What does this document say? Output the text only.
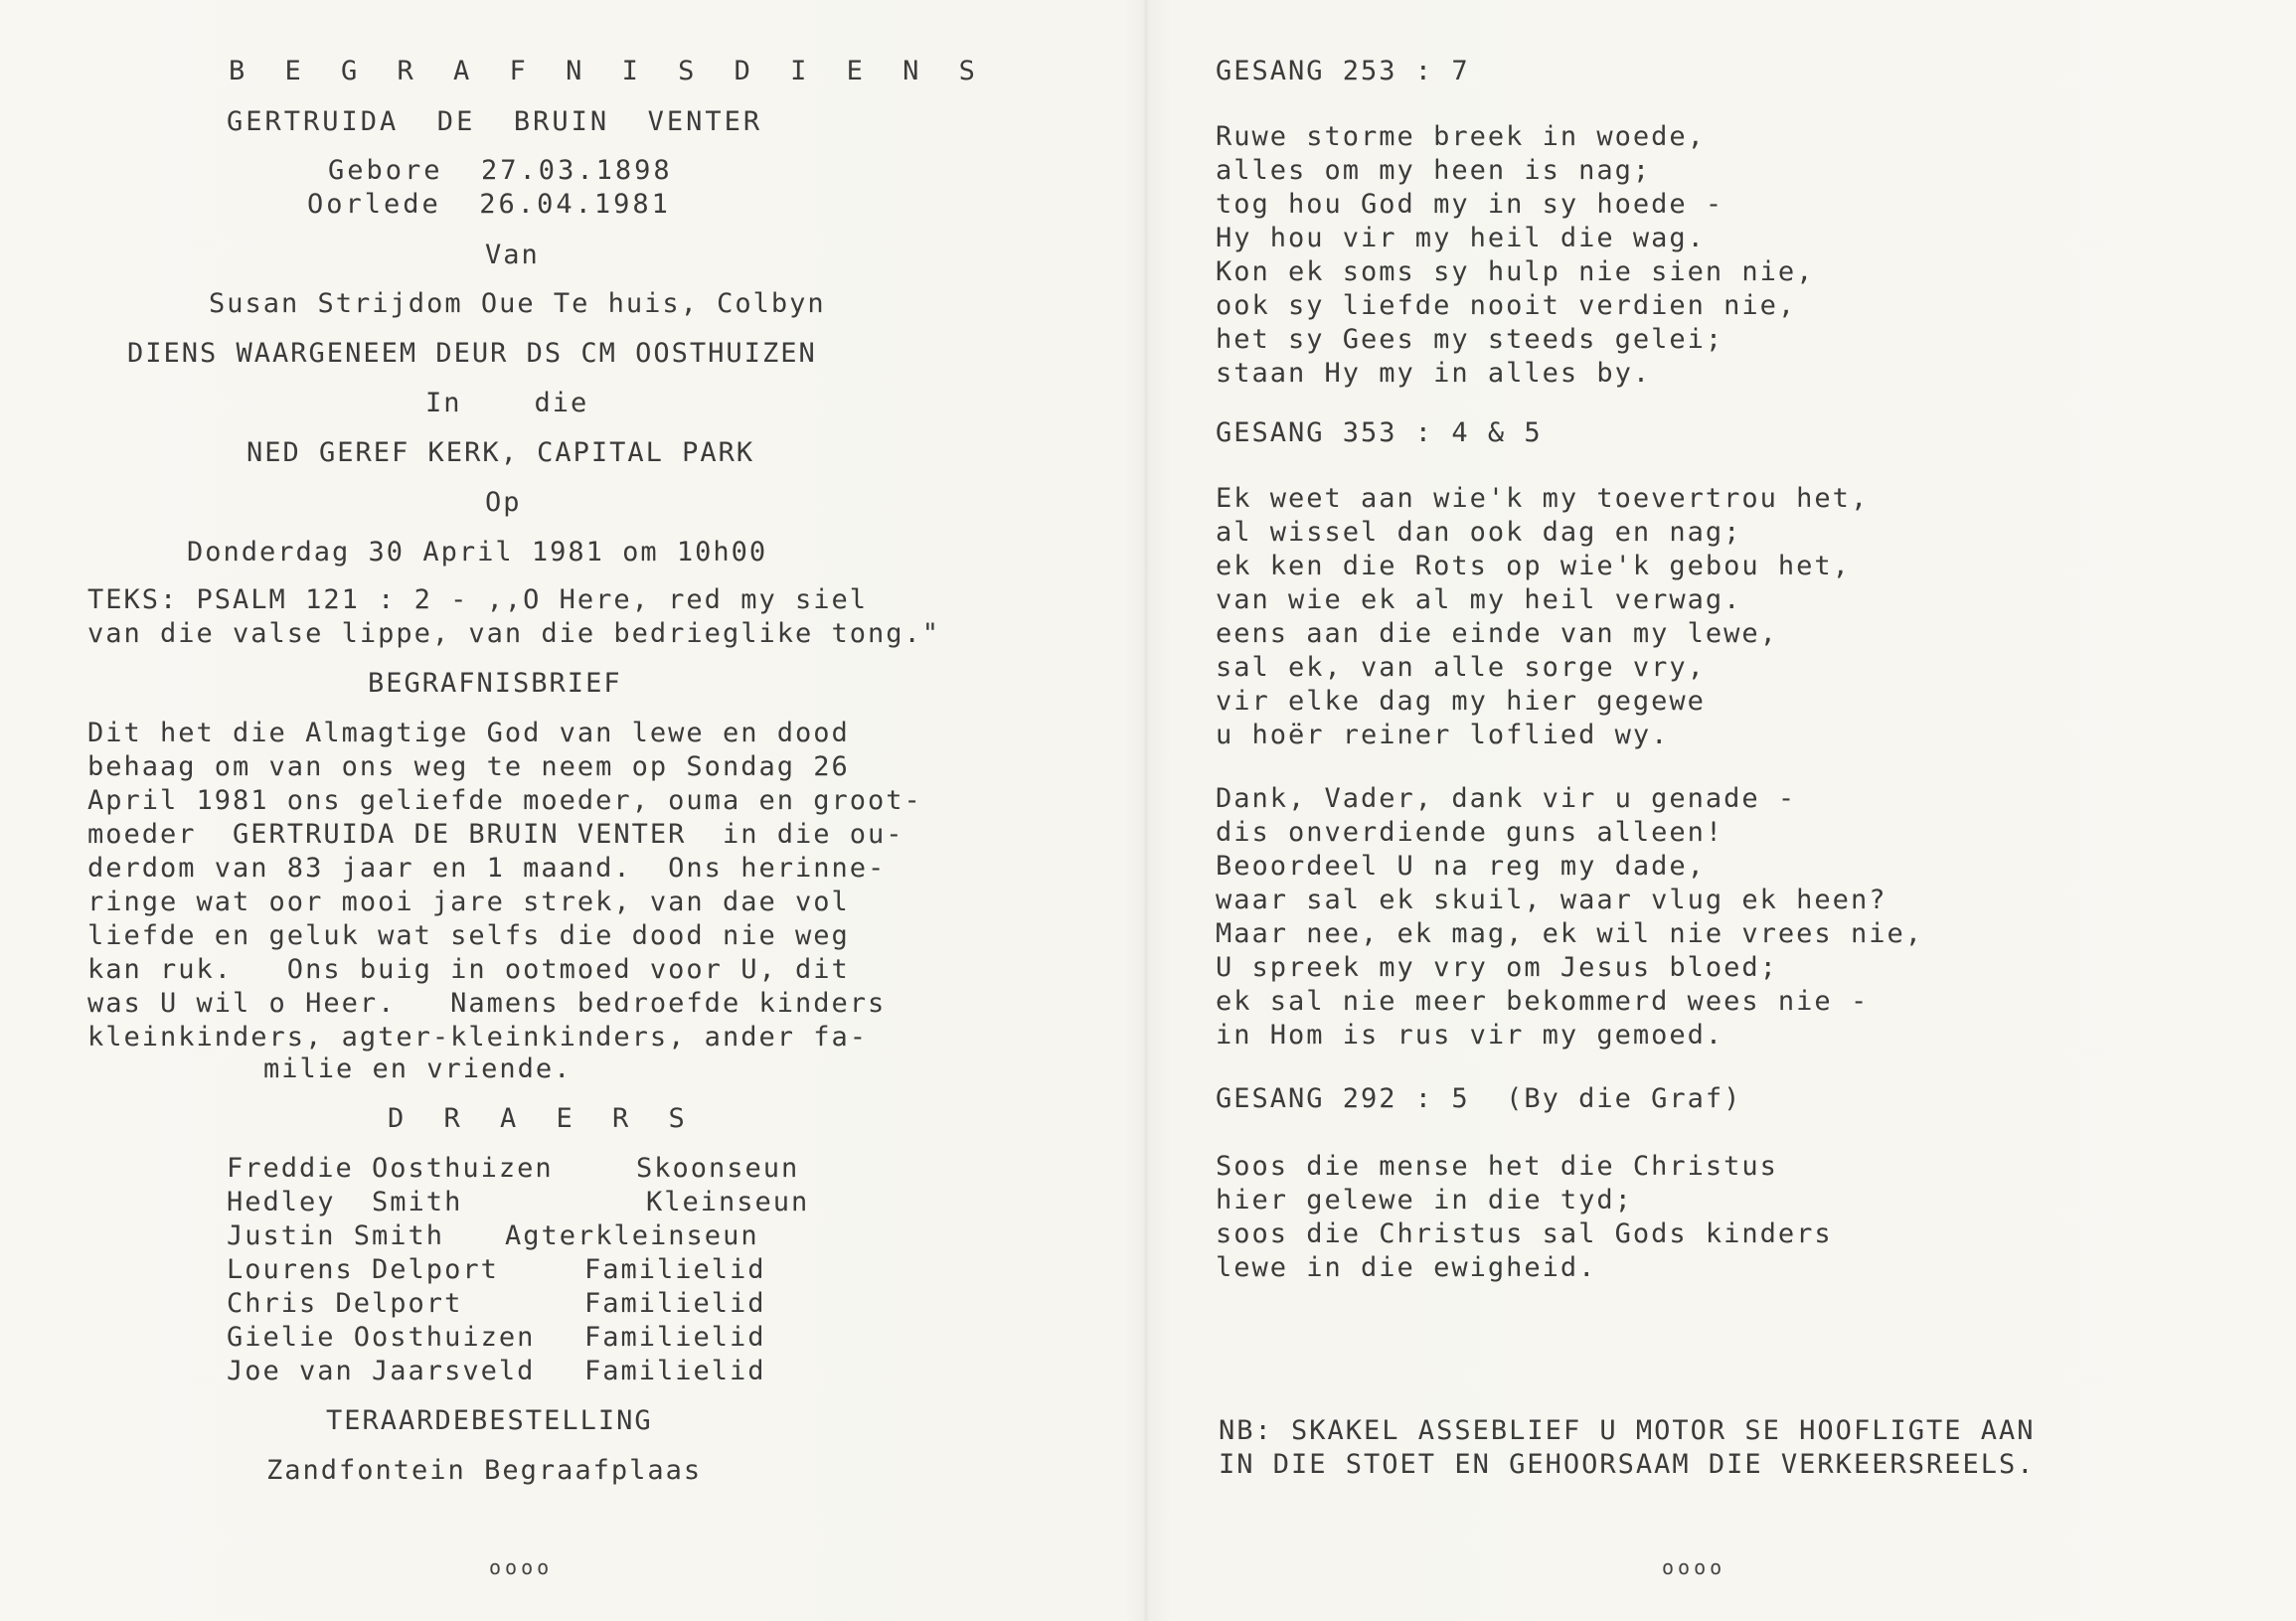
B E G R A F N I S D I E N S
GERTRUIDA  DE  BRUIN  VENTER
Gebore  27.03.1898
Oorlede  26.04.1981
Van
Susan Strijdom Oue Te huis, Colbyn
DIENS WAARGENEEM DEUR DS CM OOSTHUIZEN
In    die
NED GEREF KERK, CAPITAL PARK
Op
Donderdag 30 April 1981 om 10h00
TEKS: PSALM 121 : 2 - ,,O Here, red my siel
van die valse lippe, van die bedrieglike tong."
BEGRAFNISBRIEF
Dit het die Almagtige God van lewe en dood
behaag om van ons weg te neem op Sondag 26
April 1981 ons geliefde moeder, ouma en groot-
moeder  GERTRUIDA DE BRUIN VENTER  in die ou-
derdom van 83 jaar en 1 maand.  Ons herinne-
ringe wat oor mooi jare strek, van dae vol
liefde en geluk wat selfs die dood nie weg
kan ruk.   Ons buig in ootmoed voor U, dit
was U wil o Heer.   Namens bedroefde kinders
kleinkinders, agter-kleinkinders, ander fa-
milie en vriende.
D R A E R S
Freddie Oosthuizen	Skoonseun
Hedley  Smith	Kleinseun
Justin Smith Agterkleinseun
Lourens Delport	Familielid
Chris Delport	Familielid
Gielie Oosthuizen Familielid
Joe van Jaarsveld Familielid
TERAARDEBESTELLING
Zandfontein Begraafplaas
oooo
GESANG 253 : 7
Ruwe storme breek in woede,
alles om my heen is nag;
tog hou God my in sy hoede -
Hy hou vir my heil die wag.
Kon ek soms sy hulp nie sien nie,
ook sy liefde nooit verdien nie,
het sy Gees my steeds gelei;
staan Hy my in alles by.
GESANG 353 : 4 & 5
Ek weet aan wie'k my toevertrou het,
al wissel dan ook dag en nag;
ek ken die Rots op wie'k gebou het,
van wie ek al my heil verwag.
eens aan die einde van my lewe,
sal ek, van alle sorge vry,
vir elke dag my hier gegewe
u hoër reiner loflied wy.
Dank, Vader, dank vir u genade -
dis onverdiende guns alleen!
Beoordeel U na reg my dade,
waar sal ek skuil, waar vlug ek heen?
Maar nee, ek mag, ek wil nie vrees nie,
U spreek my vry om Jesus bloed;
ek sal nie meer bekommerd wees nie -
in Hom is rus vir my gemoed.
GESANG 292 : 5  (By die Graf)
Soos die mense het die Christus
hier gelewe in die tyd;
soos die Christus sal Gods kinders
lewe in die ewigheid.
NB: SKAKEL ASSEBLIEF U MOTOR SE HOOFLIGTE AAN
IN DIE STOET EN GEHOORSAAM DIE VERKEERSREELS.
oooo
